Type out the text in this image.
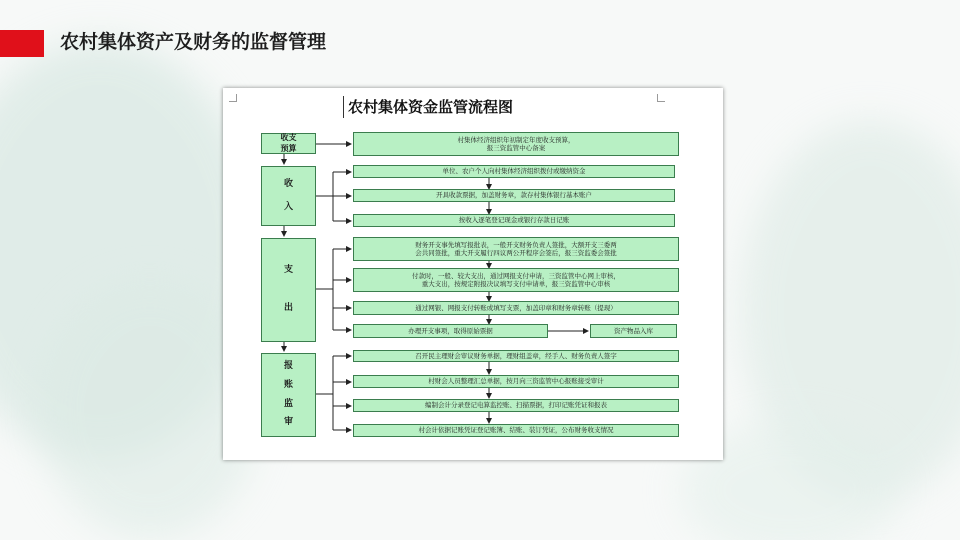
农村集体资产及财务的监督管理
农村集体资金监管流程图
收支
预算
收
入
支
出
报
账
监
审
村集体经济组织年初制定年度收支预算，
报三资监管中心备案
单位、农户个人向村集体经济组织拨付或缴纳资金
开具收款票据，加盖财务章，款存村集体银行基本账户
按收入逐笔登记现金或银行存款日记账
财务开支事先填写报批表，一般开支财务负责人签批，大额开支三委两
会共同签批，重大开支履行四议两公开程序会签后，报三资监委会签批
付款时，一般、较大支出，通过网报支付申请，三资监管中心网上审核，
重大支出，按规定附报决议填写支付申请单，报三资监管中心审核
通过网银、网报支付转账或填写支票，加盖印章和财务章转账（提现）
办理开支事项，取得原始票据	资产物品入库
召开民主理财会审议财务单据，理财组盖章，经手人、财务负责人签字
村财会人员整理汇总单据，按月向三资监管中心报账接受审计
编制会计分录登记电算监控账、扫描票据，打印记账凭证和报表
村会计依据记账凭证登记账簿、结账、装订凭证，公布财务收支情况
